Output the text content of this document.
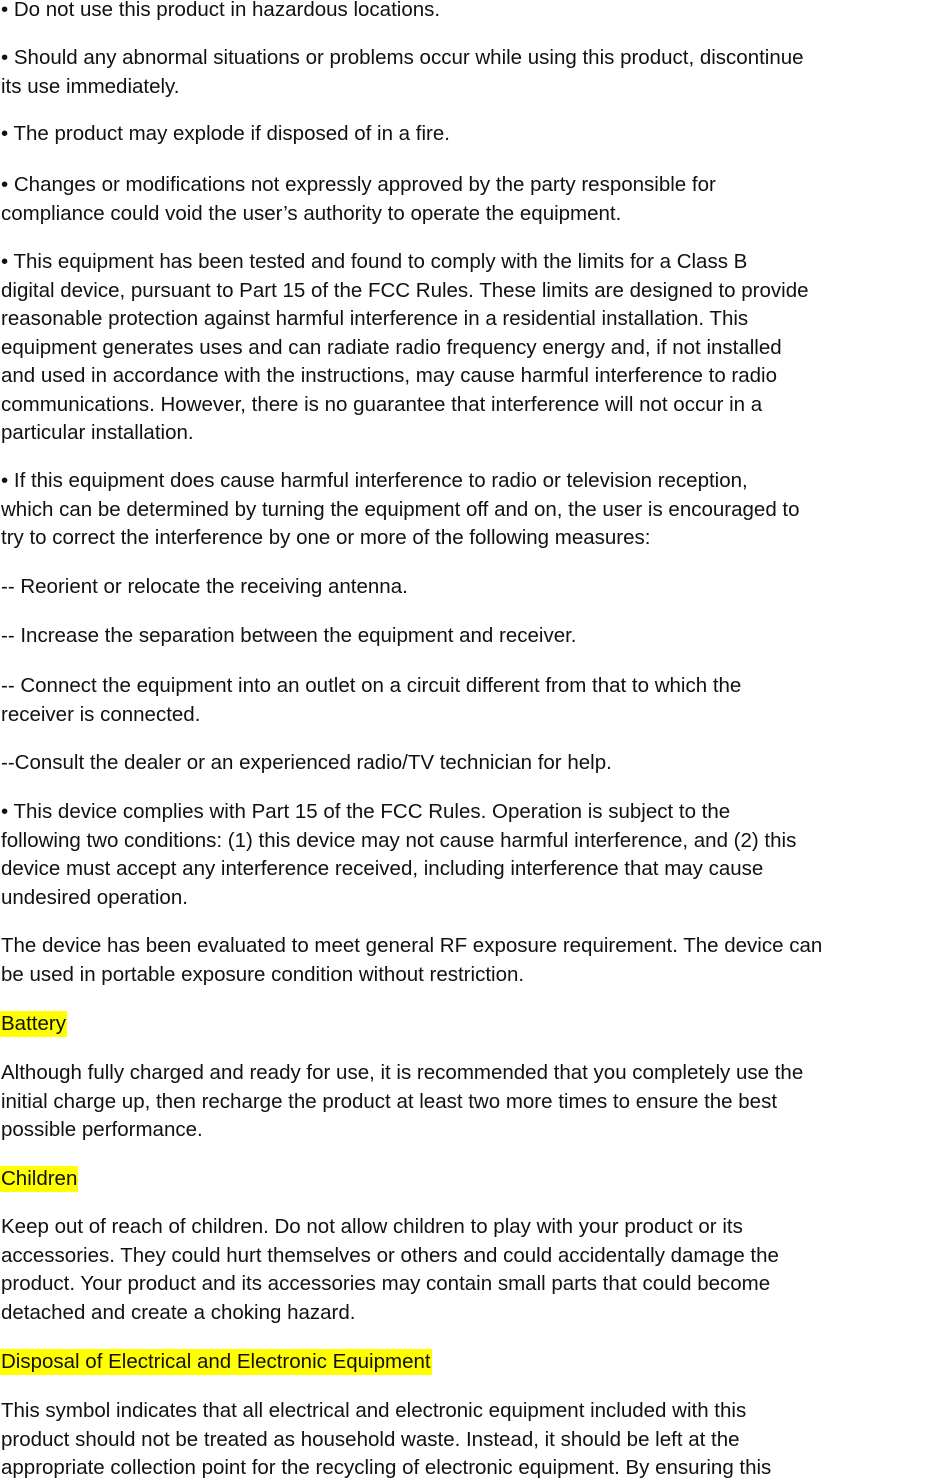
• Do not use this product in hazardous locations.

• Should any abnormal situations or problems occur while using this product, discontinue
its use immediately.

• The product may explode if disposed of in a fire.

• Changes or modifications not expressly approved by the party responsible for
compliance could void the user’s authority to operate the equipment.

• This equipment has been tested and found to comply with the limits for a Class B
digital device, pursuant to Part 15 of the FCC Rules. These limits are designed to provide
reasonable protection against harmful interference in a residential installation. This
equipment generates uses and can radiate radio frequency energy and, if not installed
and used in accordance with the instructions, may cause harmful interference to radio
communications. However, there is no guarantee that interference will not occur in a
particular installation.

• If this equipment does cause harmful interference to radio or television reception,
which can be determined by turning the equipment off and on, the user is encouraged to
try to correct the interference by one or more of the following measures:

-- Reorient or relocate the receiving antenna.

-- Increase the separation between the equipment and receiver.

-- Connect the equipment into an outlet on a circuit different from that to which the
receiver is connected.

--Consult the dealer or an experienced radio/TV technician for help.

• This device complies with Part 15 of the FCC Rules. Operation is subject to the
following two conditions: (1) this device may not cause harmful interference, and (2) this
device must accept any interference received, including interference that may cause
undesired operation.

The device has been evaluated to meet general RF exposure requirement. The device can
be used in portable exposure condition without restriction.

Battery

Although fully charged and ready for use, it is recommended that you completely use the
initial charge up, then recharge the product at least two more times to ensure the best
possible performance.

Children

Keep out of reach of children. Do not allow children to play with your product or its
accessories. They could hurt themselves or others and could accidentally damage the
product. Your product and its accessories may contain small parts that could become
detached and create a choking hazard.

Disposal of Electrical and Electronic Equipment

This symbol indicates that all electrical and electronic equipment included with this
product should not be treated as household waste. Instead, it should be left at the
appropriate collection point for the recycling of electronic equipment. By ensuring this
